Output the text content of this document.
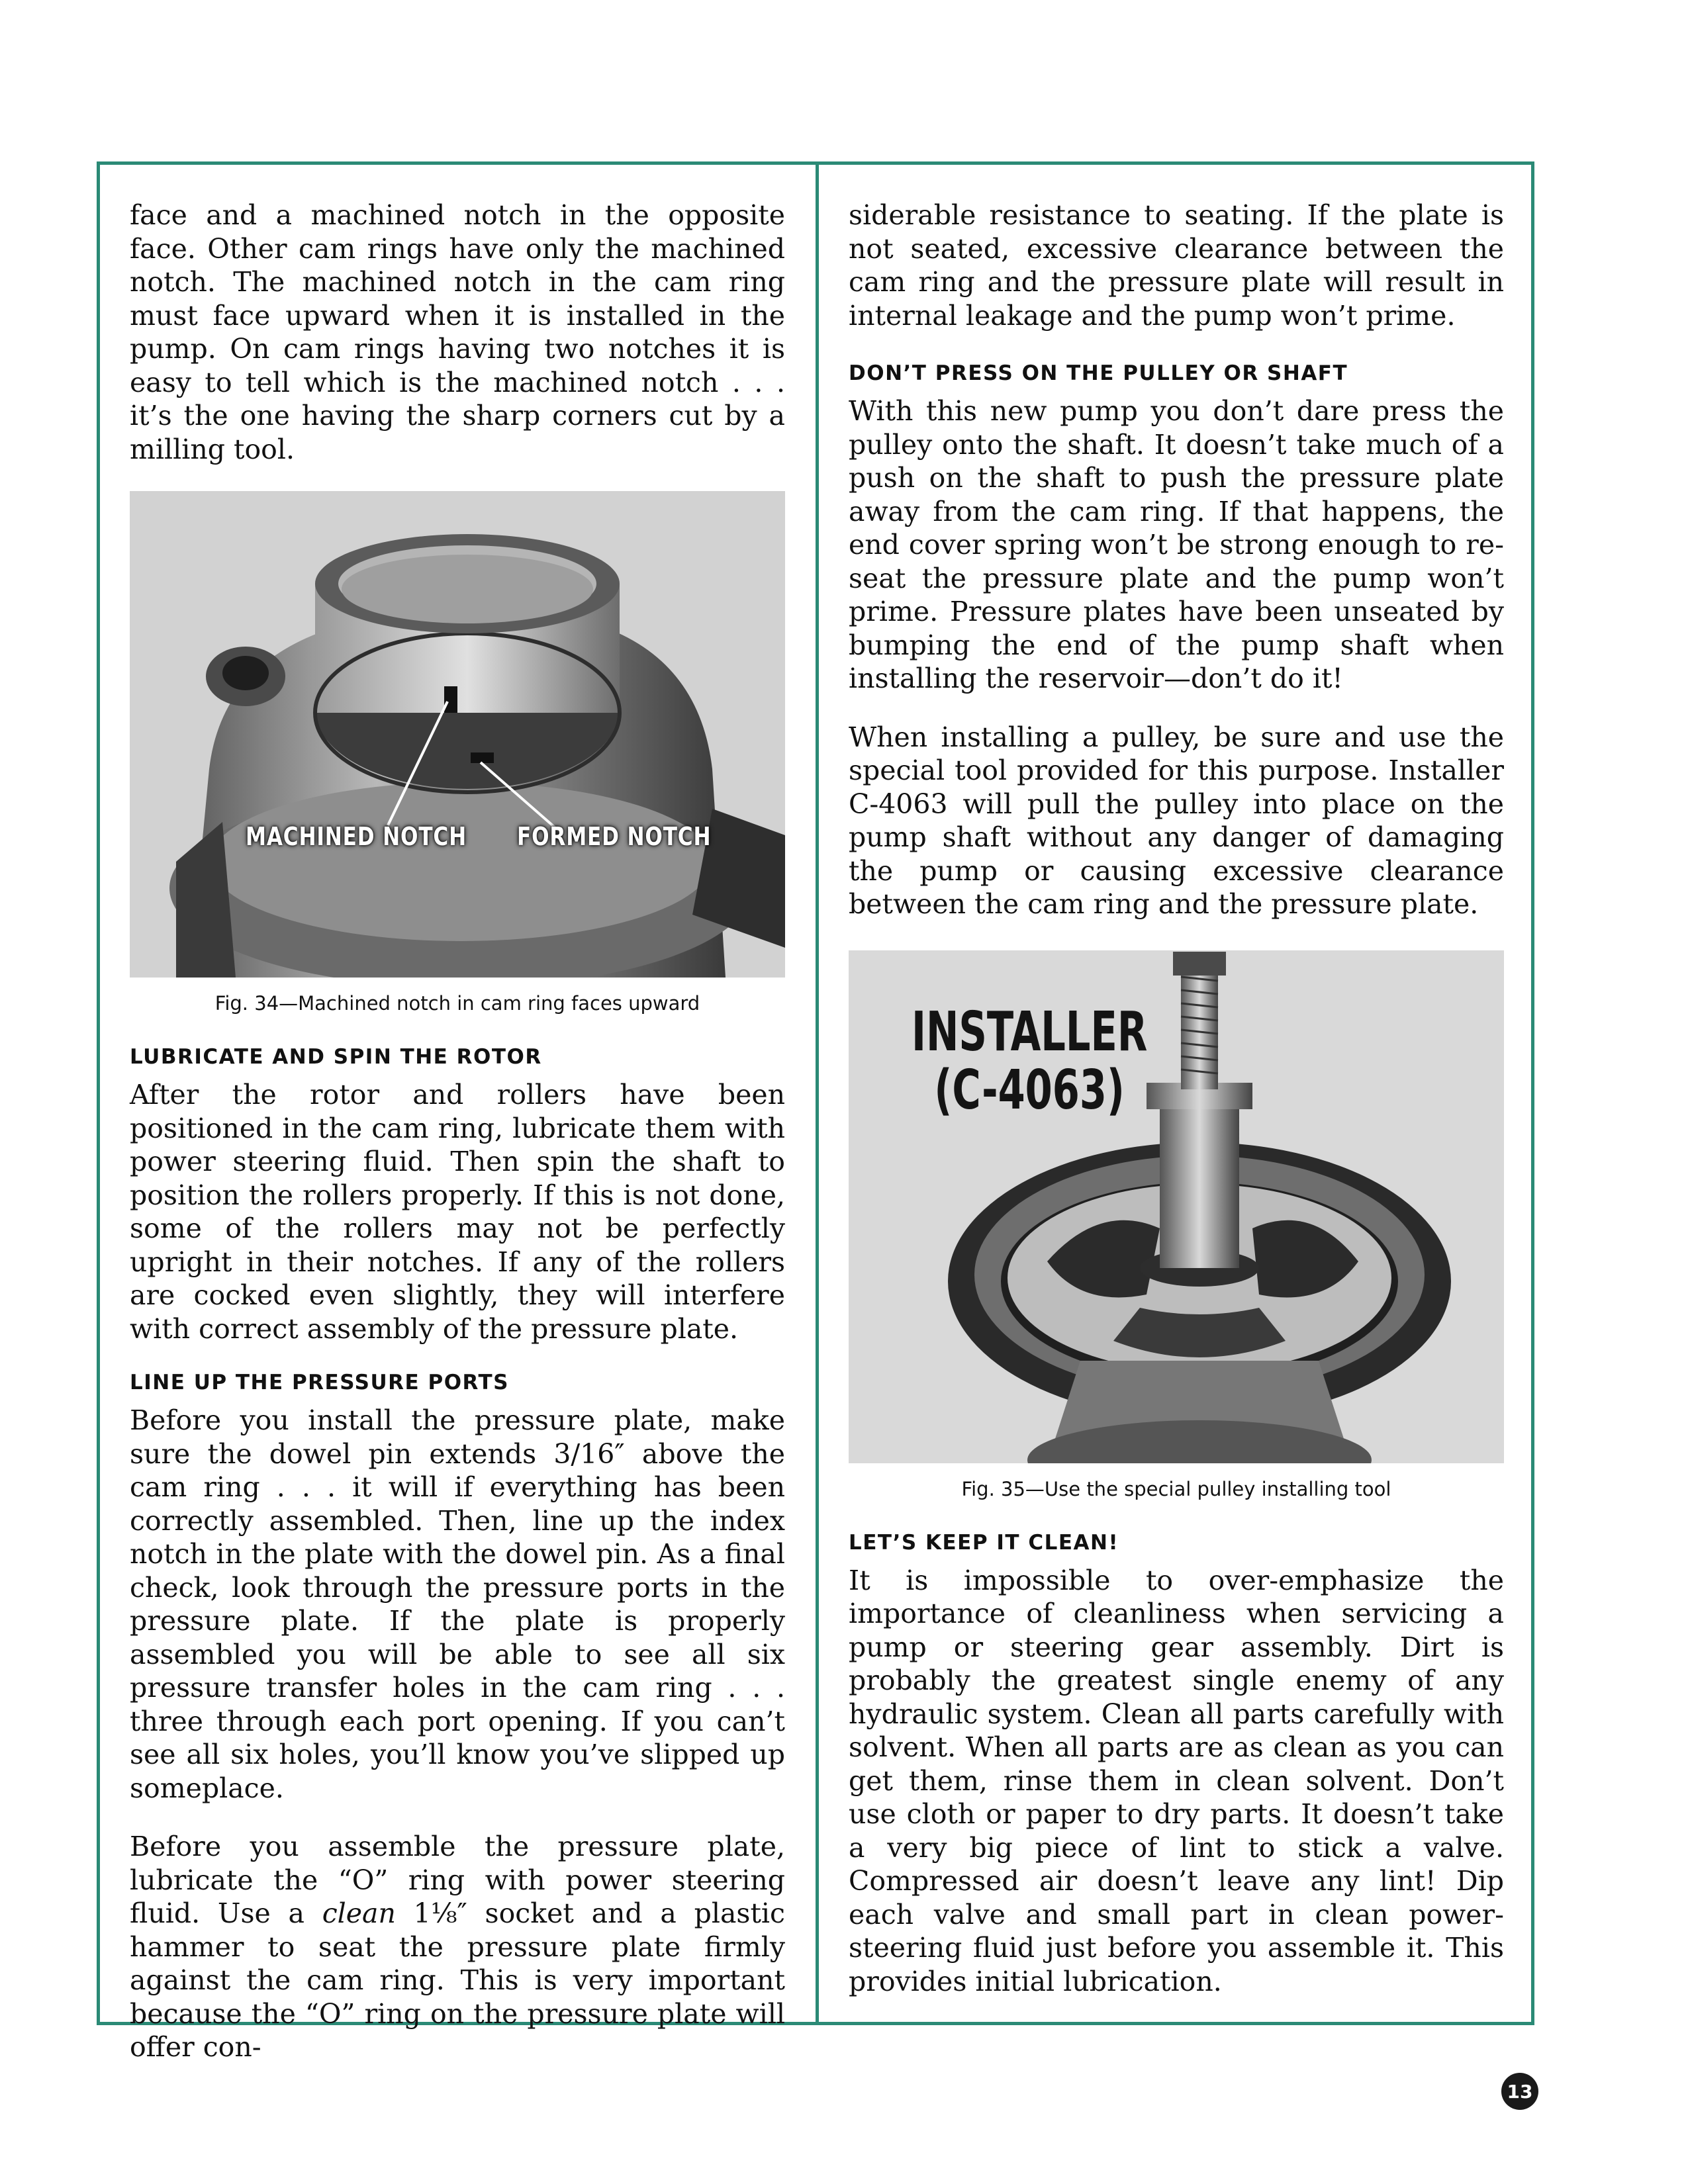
face and a machined notch in the opposite face. Other cam rings have only the machined notch. The machined notch in the cam ring must face upward when it is installed in the pump. On cam rings having two notches it is easy to tell which is the machined notch . . . it’s the one having the sharp corners cut by a milling tool.

MACHINED NOTCH FORMED NOTCH
Fig. 34—Machined notch in cam ring faces upward
LUBRICATE AND SPIN THE ROTOR

After the rotor and rollers have been positioned in the cam ring, lubricate them with power steering fluid. Then spin the shaft to position the rollers properly. If this is not done, some of the rollers may not be perfectly upright in their notches. If any of the rollers are cocked even slightly, they will interfere with correct assembly of the pressure plate.

LINE UP THE PRESSURE PORTS

Before you install the pressure plate, make sure the dowel pin extends 3/16″ above the cam ring . . . it will if everything has been correctly assembled. Then, line up the index notch in the plate with the dowel pin. As a final check, look through the pressure ports in the pressure plate. If the plate is properly assembled you will be able to see all six pressure transfer holes in the cam ring . . . three through each port opening. If you can’t see all six holes, you’ll know you’ve slipped up someplace.

Before you assemble the pressure plate, lubricate the “O” ring with power steering fluid. Use a clean 1⅛″ socket and a plastic hammer to seat the pressure plate firmly against the cam ring. This is very important because the “O” ring on the pressure plate will offer con-

siderable resistance to seating. If the plate is not seated, excessive clearance between the cam ring and the pressure plate will result in internal leakage and the pump won’t prime.

DON’T PRESS ON THE PULLEY OR SHAFT

With this new pump you don’t dare press the pulley onto the shaft. It doesn’t take much of a push on the shaft to push the pressure plate away from the cam ring. If that happens, the end cover spring won’t be strong enough to re-seat the pressure plate and the pump won’t prime. Pressure plates have been unseated by bumping the end of the pump shaft when installing the reservoir—don’t do it!

When installing a pulley, be sure and use the special tool provided for this purpose. Installer C-4063 will pull the pulley into place on the pump shaft without any danger of damaging the pump or causing excessive clearance between the cam ring and the pressure plate.

INSTALLER
(C-4063)
Fig. 35—Use the special pulley installing tool
LET’S KEEP IT CLEAN!

It is impossible to over-emphasize the importance of cleanliness when servicing a pump or steering gear assembly. Dirt is probably the greatest single enemy of any hydraulic system. Clean all parts carefully with solvent. When all parts are as clean as you can get them, rinse them in clean solvent. Don’t use cloth or paper to dry parts. It doesn’t take a very big piece of lint to stick a valve. Compressed air doesn’t leave any lint! Dip each valve and small part in clean power-steering fluid just before you assemble it. This provides initial lubrication.

13
